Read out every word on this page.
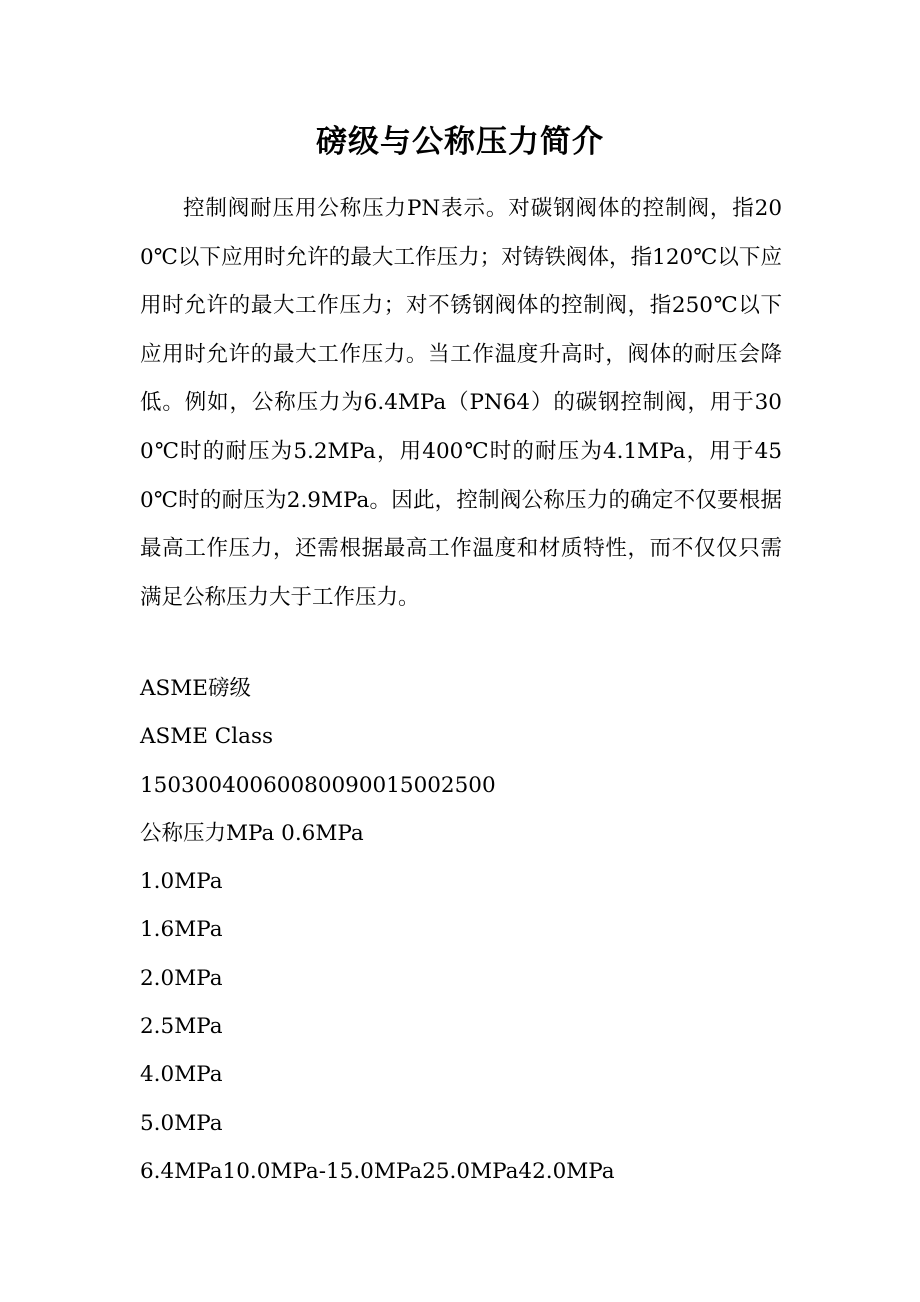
磅级与公称压力简介

控制阀耐压用公称压力PN表示。对碳钢阀体的控制阀，指200℃以下应用时允许的最大工作压力；对铸铁阀体，指120℃以下应用时允许的最大工作压力；对不锈钢阀体的控制阀，指250℃以下应用时允许的最大工作压力。当工作温度升高时，阀体的耐压会降低。例如，公称压力为6.4MPa（PN64）的碳钢控制阀，用于300℃时的耐压为5.2MPa，用400℃时的耐压为4.1MPa，用于450℃时的耐压为2.9MPa。因此，控制阀公称压力的确定不仅要根据最高工作压力，还需根据最高工作温度和材质特性，而不仅仅只需满足公称压力大于工作压力。

ASME磅级
ASME Class
15030040060080090015002500
公称压力MPa 0.6MPa
1.0MPa
1.6MPa
2.0MPa
2.5MPa
4.0MPa
5.0MPa
6.4MPa10.0MPa-15.0MPa25.0MPa42.0MPa
